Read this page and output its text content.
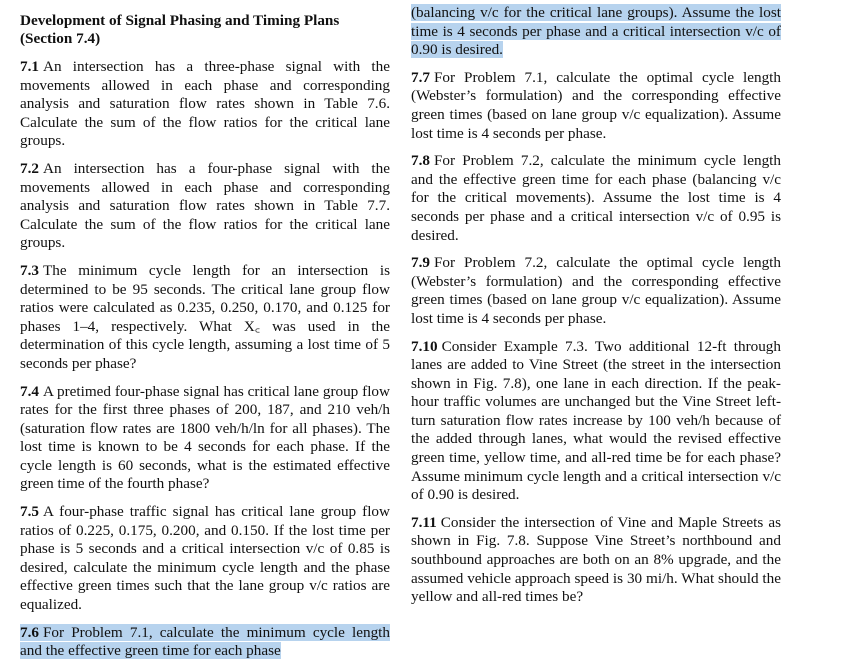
Development of Signal Phasing and Timing Plans
(Section 7.4)

7.1 An intersection has a three-phase signal with the movements allowed in each phase and corresponding analysis and saturation flow rates shown in Table 7.6. Calculate the sum of the flow ratios for the critical lane groups.

7.2 An intersection has a four-phase signal with the movements allowed in each phase and corresponding analysis and saturation flow rates shown in Table 7.7. Calculate the sum of the flow ratios for the critical lane groups.

7.3 The minimum cycle length for an intersection is determined to be 95 seconds. The critical lane group flow ratios were calculated as 0.235, 0.250, 0.170, and 0.125 for phases 1–4, respectively. What X꜀ was used in the determination of this cycle length, assuming a lost time of 5 seconds per phase?

7.4 A pretimed four-phase signal has critical lane group flow rates for the first three phases of 200, 187, and 210 veh/h (saturation flow rates are 1800 veh/h/ln for all phases). The lost time is known to be 4 seconds for each phase. If the cycle length is 60 seconds, what is the estimated effective green time of the fourth phase?

7.5 A four-phase traffic signal has critical lane group flow ratios of 0.225, 0.175, 0.200, and 0.150. If the lost time per phase is 5 seconds and a critical intersection v/c of 0.85 is desired, calculate the minimum cycle length and the phase effective green times such that the lane group v/c ratios are equalized.

7.6 For Problem 7.1, calculate the minimum cycle length and the effective green time for each phase

(balancing v/c for the critical lane groups). Assume the lost time is 4 seconds per phase and a critical intersection v/c of 0.90 is desired.

7.7 For Problem 7.1, calculate the optimal cycle length (Webster’s formulation) and the corresponding effective green times (based on lane group v/c equalization). Assume lost time is 4 seconds per phase.

7.8 For Problem 7.2, calculate the minimum cycle length and the effective green time for each phase (balancing v/c for the critical movements). Assume the lost time is 4 seconds per phase and a critical intersection v/c of 0.95 is desired.

7.9 For Problem 7.2, calculate the optimal cycle length (Webster’s formulation) and the corresponding effective green times (based on lane group v/c equalization). Assume lost time is 4 seconds per phase.

7.10 Consider Example 7.3. Two additional 12-ft through lanes are added to Vine Street (the street in the intersection shown in Fig. 7.8), one lane in each direction. If the peak-hour traffic volumes are unchanged but the Vine Street left-turn saturation flow rates increase by 100 veh/h because of the added through lanes, what would the revised effective green time, yellow time, and all-red time be for each phase? Assume minimum cycle length and a critical intersection v/c of 0.90 is desired.

7.11 Consider the intersection of Vine and Maple Streets as shown in Fig. 7.8. Suppose Vine Street’s northbound and southbound approaches are both on an 8% upgrade, and the assumed vehicle approach speed is 30 mi/h. What should the yellow and all-red times be?
